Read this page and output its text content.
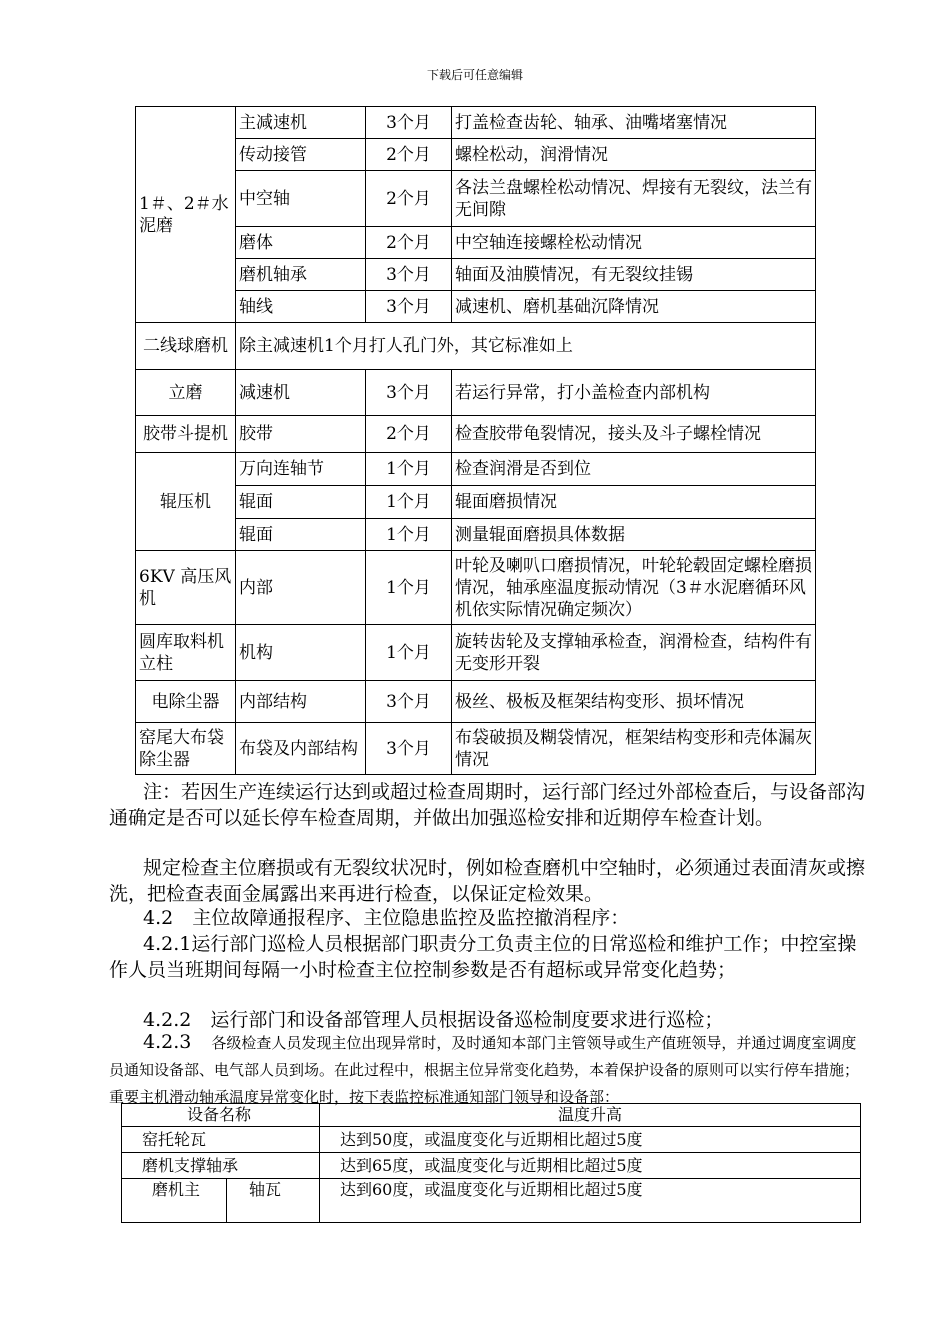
下载后可任意编辑
1＃、2＃水泥磨	主减速机	3个月	打盖检查齿轮、轴承、油嘴堵塞情况
	传动接管	2个月	螺栓松动，润滑情况
	中空轴	2个月	各法兰盘螺栓松动情况、焊接有无裂纹，法兰有无间隙
	磨体	2个月	中空轴连接螺栓松动情况
	磨机轴承	3个月	轴面及油膜情况，有无裂纹挂锡
	轴线	3个月	减速机、磨机基础沉降情况
二线球磨机	除主减速机1个月打人孔门外，其它标准如上		
立磨	减速机	3个月	若运行异常，打小盖检查内部机构
胶带斗提机	胶带	2个月	检查胶带龟裂情况，接头及斗子螺栓情况
辊压机	万向连轴节	1个月	检查润滑是否到位
	辊面	1个月	辊面磨损情况
	辊面	1个月	测量辊面磨损具体数据
6KV 高压风机	内部	1个月	叶轮及喇叭口磨损情况，叶轮轮毂固定螺栓磨损情况，轴承座温度振动情况（3＃水泥磨循环风机依实际情况确定频次）
圆库取料机立柱	机构	1个月	旋转齿轮及支撑轴承检查，润滑检查，结构件有无变形开裂
电除尘器	内部结构	3个月	极丝、极板及框架结构变形、损坏情况
窑尾大布袋除尘器	布袋及内部结构	3个月	布袋破损及糊袋情况，框架结构变形和壳体漏灰情况
注：若因生产连续运行达到或超过检查周期时，运行部门经过外部检查后，与设备部沟通确定是否可以延长停车检查周期，并做出加强巡检安排和近期停车检查计划。
规定检查主位磨损或有无裂纹状况时，例如检查磨机中空轴时，必须通过表面清灰或擦洗，把检查表面金属露出来再进行检查，以保证定检效果。
4.2　主位故障通报程序、主位隐患监控及监控撤消程序：
4.2.1运行部门巡检人员根据部门职责分工负责主位的日常巡检和维护工作；中控室操作人员当班期间每隔一小时检查主位控制参数是否有超标或异常变化趋势；
4.2.2　运行部门和设备部管理人员根据设备巡检制度要求进行巡检；
4.2.3 各级检查人员发现主位出现异常时，及时通知本部门主管领导或生产值班领导，并通过调度室调度员通知设备部、电气部人员到场。在此过程中，根据主位异常变化趋势，本着保护设备的原则可以实行停车措施；重要主机滑动轴承温度异常变化时，按下表监控标准通知部门领导和设备部：
设备名称		温度升高
窑托轮瓦		达到50度，或温度变化与近期相比超过5度
磨机支撑轴承		达到65度，或温度变化与近期相比超过5度
磨机主	轴瓦	达到60度，或温度变化与近期相比超过5度
